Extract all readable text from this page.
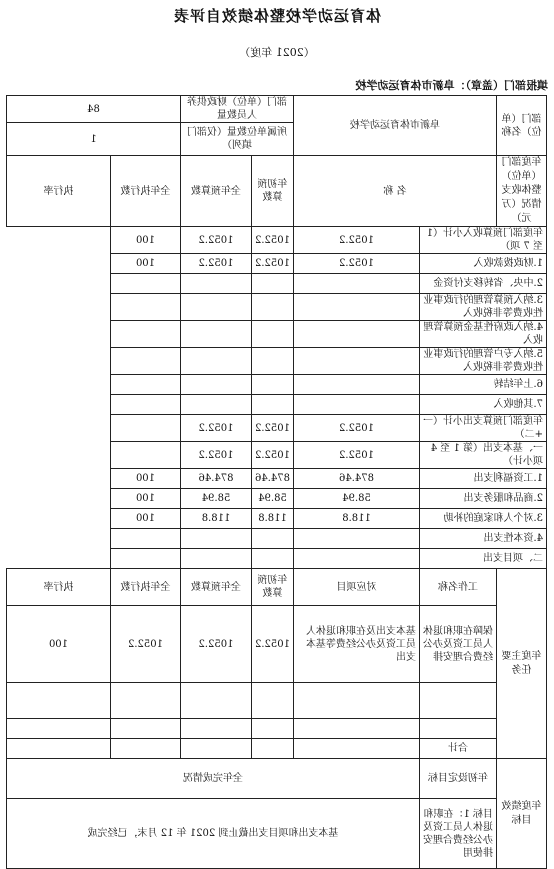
体育运动学校整体绩效自评表
（2021 年度）
填报部门（盖章）：阜新市体育运动学校
部门（单位）名称	阜新市体育运动学校		部门（单位）财政供养人员数量		84	
			所属单位数量（仅部门填列）		1	
年度部门（单位）整体收支情况（万元）	名 称		年初预算数	全年预算数	全年执行数	执行率
年度部门预算收入小计（1 至 7 项）		1052.2	1052.2	1052.2	100	
1.财政拨款收入		1052.2	1052.2	1052.2	100	
2.中央、省转移支付资金						
3.纳入预算管理的行政事业性收费等非税收入						
4.纳入政府性基金预算管理收入						
5.纳入专户管理的行政事业性收费等非税收入						
6.上年结转						
7.其他收入						
年度部门预算支出小计（一+二）		1052.2	1052.2	1052.2		
一、基本支出（第 1 至 4 项小计）		1052.2	1052.2	1052.2		
1.工资福利支出		874.46	874.46	874.46	100	
2.商品和服务支出		58.94	58.94	58.94	100	
3.对个人和家庭的补助		118.8	118.8	118.8	100	
4.资本性支出						
二、项目支出						
年度主要任务	工作名称	对应项目	年初预算数	全年预算数	全年执行数	执行率
	保障在职和退休人员工资及办公经费合理安排	基本支出及在职和退休人员工资及办公经费等基本支出	1052.2	1052.2	1052.2	100

	合计					
年度绩效目标	年初设定目标	全年完成情况				
	目标 1：在职和退休人员工资及办公经费合理安排使用	基本支出和项目支出截止到 2021 年 12 月末，已经完成				
